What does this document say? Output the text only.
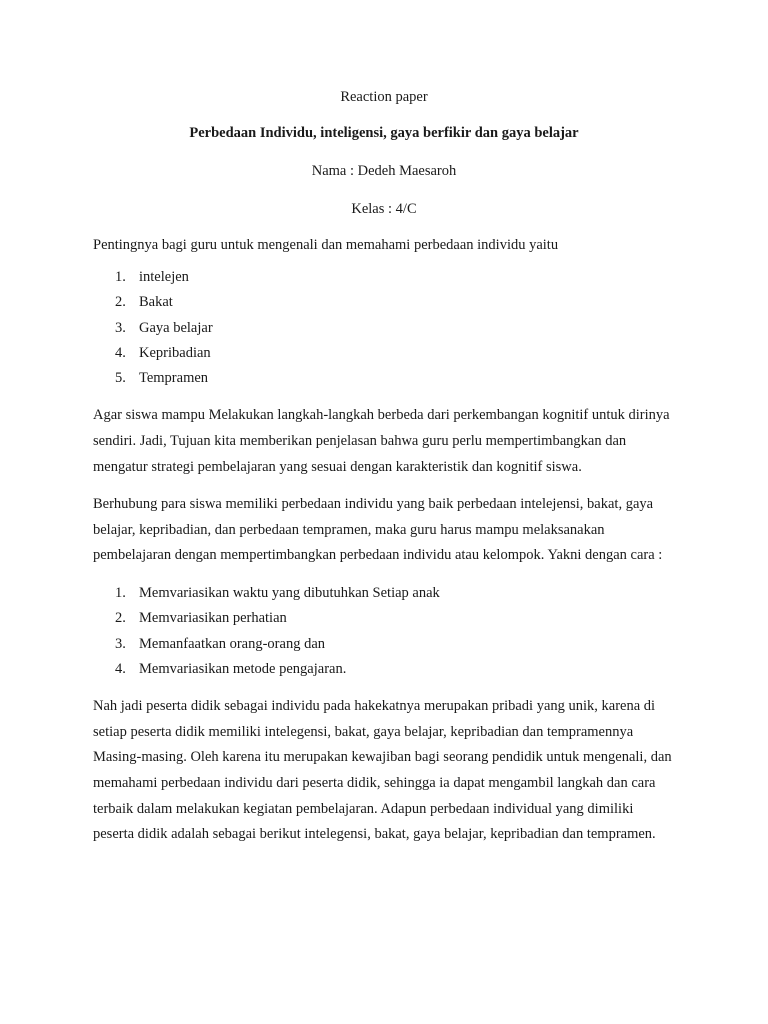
Reaction paper

Perbedaan Individu, inteligensi, gaya berfikir dan gaya belajar

Nama : Dedeh Maesaroh

Kelas : 4/C

Pentingnya bagi guru untuk mengenali dan memahami perbedaan individu yaitu

1. intelejen
2. Bakat
3. Gaya belajar
4. Kepribadian
5. Tempramen

Agar siswa mampu Melakukan langkah-langkah berbeda dari perkembangan kognitif untuk dirinya sendiri. Jadi, Tujuan kita memberikan penjelasan bahwa guru perlu mempertimbangkan dan mengatur strategi pembelajaran yang sesuai dengan karakteristik dan kognitif siswa.

Berhubung para siswa memiliki perbedaan individu yang baik perbedaan intelejensi, bakat, gaya belajar, kepribadian, dan perbedaan tempramen, maka guru harus mampu melaksanakan pembelajaran dengan mempertimbangkan perbedaan individu atau kelompok. Yakni dengan cara :

1. Memvariasikan waktu yang dibutuhkan Setiap anak
2. Memvariasikan perhatian
3. Memanfaatkan orang-orang dan
4. Memvariasikan metode pengajaran.

Nah jadi peserta didik sebagai individu pada hakekatnya merupakan pribadi yang unik, karena di setiap peserta didik memiliki intelegensi, bakat, gaya belajar, kepribadian dan tempramennya Masing-masing. Oleh karena itu merupakan kewajiban bagi seorang pendidik untuk mengenali, dan memahami perbedaan individu dari peserta didik, sehingga ia dapat mengambil langkah dan cara terbaik dalam melakukan kegiatan pembelajaran. Adapun perbedaan individual yang dimiliki peserta didik adalah sebagai berikut intelegensi, bakat, gaya belajar, kepribadian dan tempramen.
